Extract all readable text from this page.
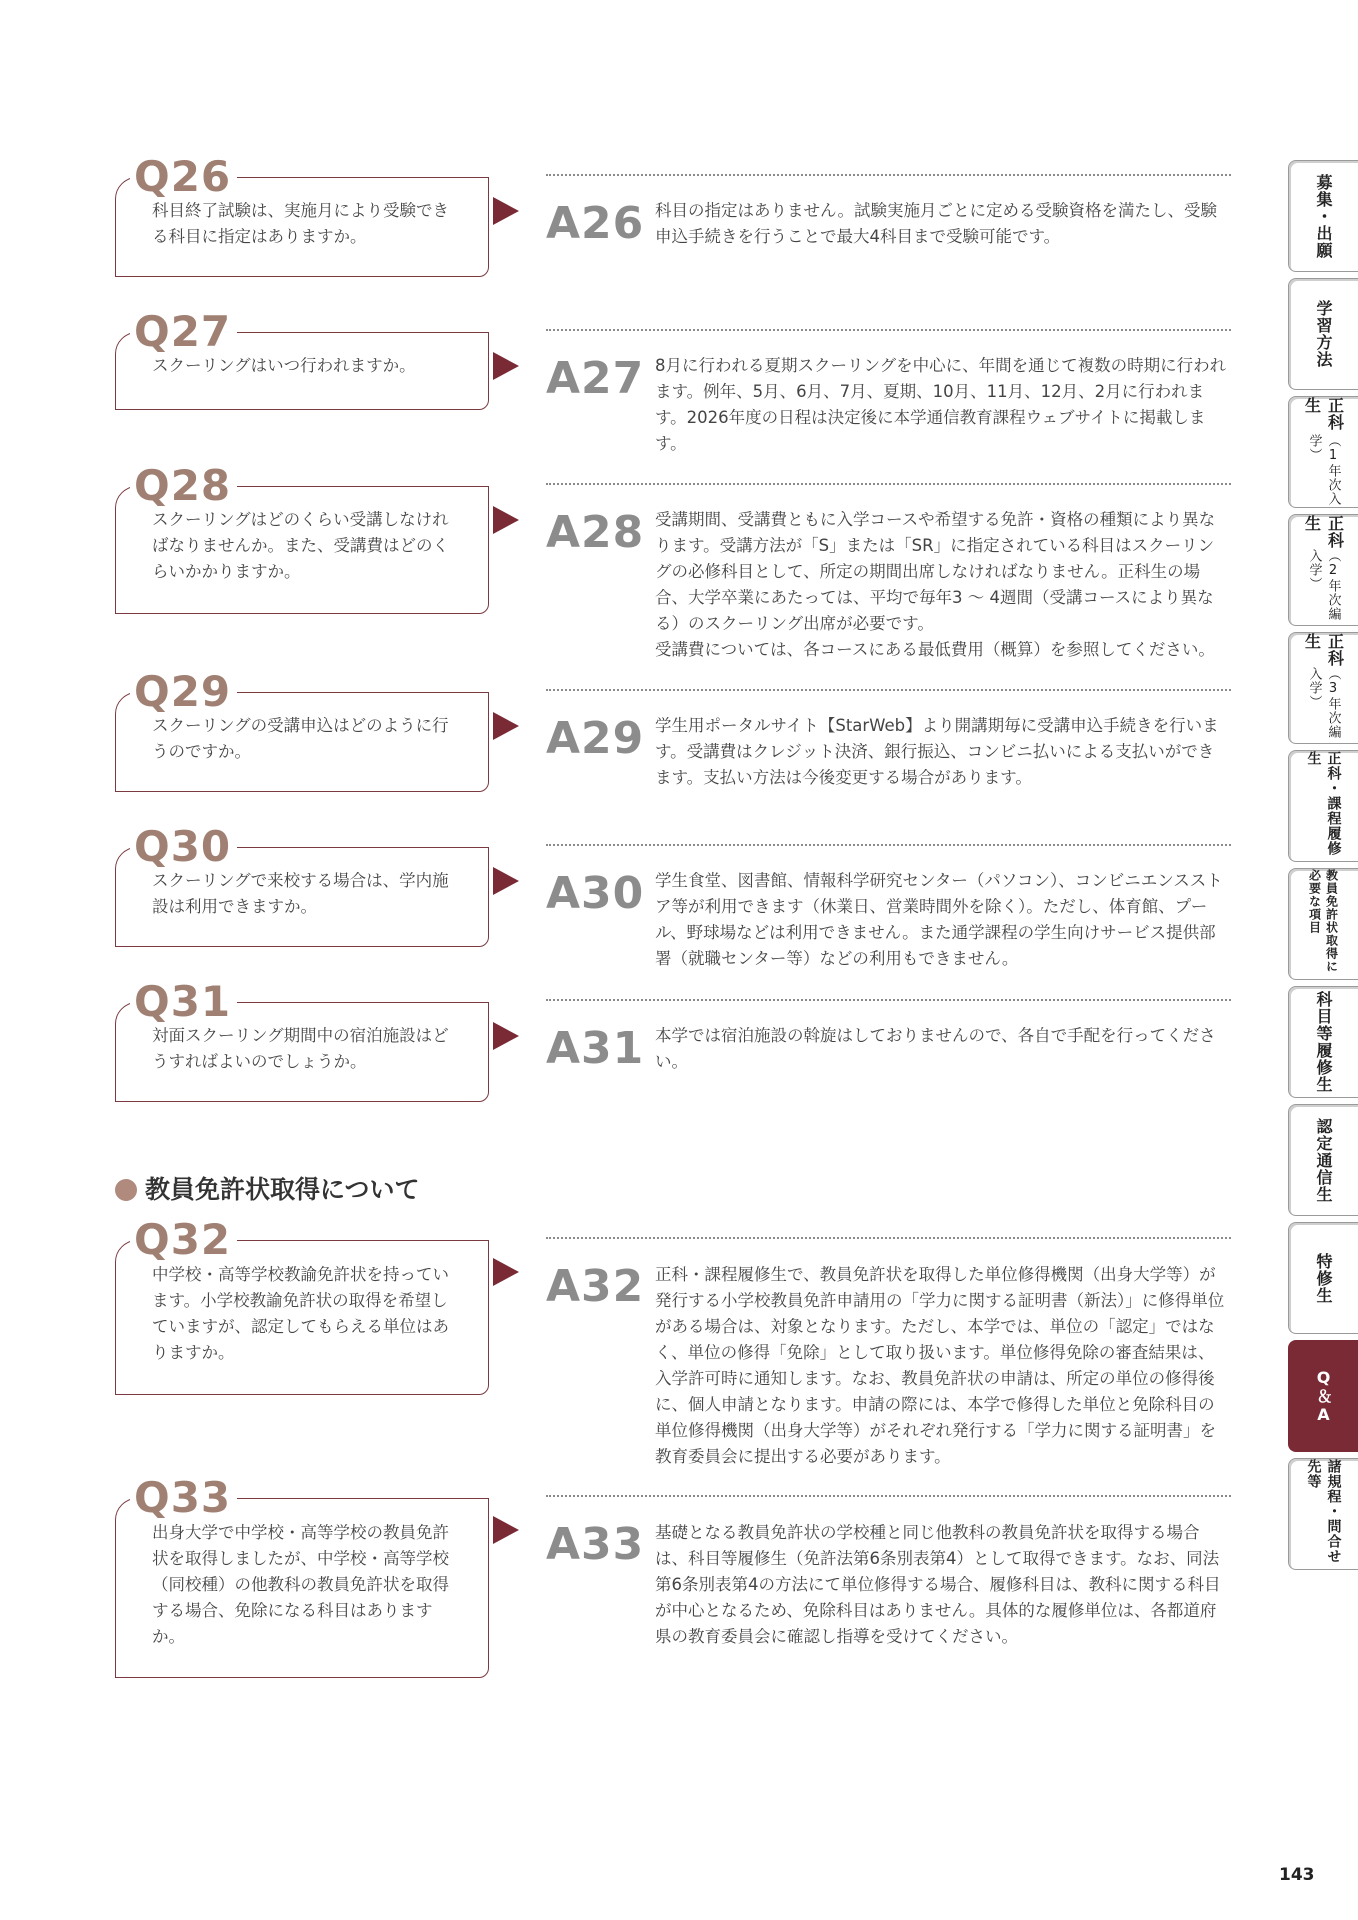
Q26
科目終了試験は、実施月により受験できる科目に指定はありますか。	A26 科目の指定はありません。試験実施月ごとに定める受験資格を満たし、受験申込手続きを行うことで最大4科目まで受験可能です。
Q27
スクーリングはいつ行われますか。	A27 8月に行われる夏期スクーリングを中心に、年間を通じて複数の時期に行われます。例年、5月、6月、7月、夏期、10月、11月、12月、2月に行われます。2026年度の日程は決定後に本学通信教育課程ウェブサイトに掲載します。
Q28
スクーリングはどのくらい受講しなければなりませんか。また、受講費はどのくらいかかりますか。
A28 受講期間、受講費ともに入学コースや希望する免許・資格の種類により異なります。受講方法が「S」または「SR」に指定されている科目はスクーリングの必修科目として、所定の期間出席しなければなりません。正科生の場合、大学卒業にあたっては、平均で毎年3 ～ 4週間（受講コースにより異なる）のスクーリング出席が必要です。
受講費については、各コースにある最低費用（概算）を参照してください。
Q29
スクーリングの受講申込はどのように行うのですか。	A29 学生用ポータルサイト【StarWeb】より開講期毎に受講申込手続きを行います。受講費はクレジット決済、銀行振込、コンビニ払いによる支払いができます。支払い方法は今後変更する場合があります。
Q30
スクーリングで来校する場合は、学内施設は利用できますか。	A30 学生食堂、図書館、情報科学研究センター（パソコン）、コンビニエンスストア等が利用できます（休業日、営業時間外を除く）。ただし、体育館、プール、野球場などは利用できません。また通学課程の学生向けサービス提供部署（就職センター等）などの利用もできません。
Q31
対面スクーリング期間中の宿泊施設はどうすればよいのでしょうか。	A31 本学では宿泊施設の斡旋はしておりませんので、各自で手配を行ってください。
教員免許状取得について
Q32
中学校・高等学校教諭免許状を持っています。小学校教諭免許状の取得を希望していますが、認定してもらえる単位はありますか。
A32 正科・課程履修生で、教員免許状を取得した単位修得機関（出身大学等）が発行する小学校教員免許申請用の「学力に関する証明書（新法）」に修得単位がある場合は、対象となります。ただし、本学では、単位の「認定」ではなく、単位の修得「免除」として取り扱います。単位修得免除の審査結果は、入学許可時に通知します。なお、教員免許状の申請は、所定の単位の修得後に、個人申請となります。申請の際には、本学で修得した単位と免除科目の単位修得機関（出身大学等）がそれぞれ発行する「学力に関する証明書」を教育委員会に提出する必要があります。
Q33
出身大学で中学校・高等学校の教員免許状を取得しましたが、中学校・高等学校（同校種）の他教科の教員免許状を取得する場合、免除になる科目はありますか。
A33 基礎となる教員免許状の学校種と同じ他教科の教員免許状を取得する場合は、科目等履修生（免許法第6条別表第4）として取得できます。なお、同法第6条別表第4の方法にて単位修得する場合、履修科目は、教科に関する科目が中心となるため、免除科目はありません。具体的な履修単位は、各都道府県の教育委員会に確認し指導を受けてください。
募集・出願
学習方法
正科生
（1年次入学）
正科生
（2年次編入学）
正科生
（3年次編入学）
正科・課程履修生
教員免許状取得に必要な項目
科目等履修生
認定通信生
特修生
Q＆A
諸規程・問合せ先等
143
